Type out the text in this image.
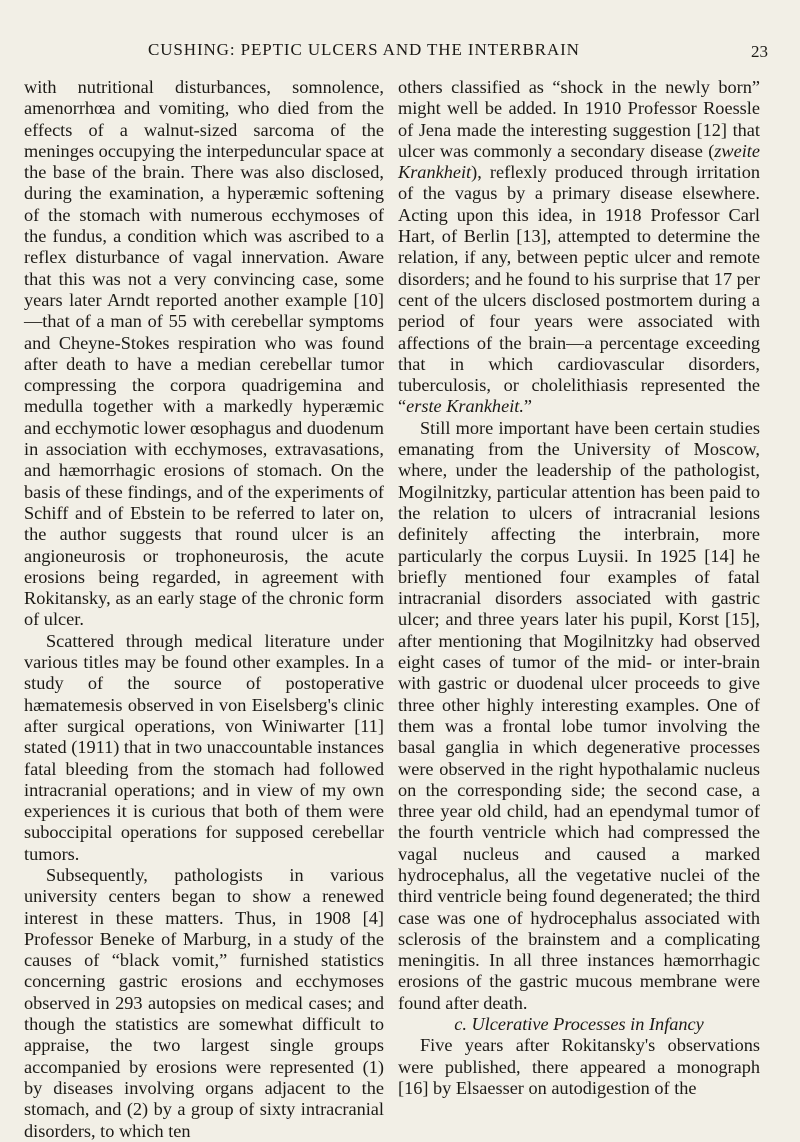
CUSHING: PEPTIC ULCERS AND THE INTERBRAIN	23

with nutritional disturbances, somnolence, amenorrhœa and vomiting, who died from the effects of a walnut-sized sarcoma of the meninges occupying the interpeduncular space at the base of the brain. There was also disclosed, during the examination, a hyperæmic softening of the stomach with numerous ecchymoses of the fundus, a condition which was ascribed to a reflex disturbance of vagal innervation. Aware that this was not a very convincing case, some years later Arndt reported another example [10]—that of a man of 55 with cerebellar symptoms and Cheyne-Stokes respiration who was found after death to have a median cerebellar tumor compressing the corpora quadrigemina and medulla together with a markedly hyperæmic and ecchymotic lower œsophagus and duodenum in association with ecchymoses, extravasations, and hæmorrhagic erosions of stomach. On the basis of these findings, and of the experiments of Schiff and of Ebstein to be referred to later on, the author suggests that round ulcer is an angioneurosis or trophoneurosis, the acute erosions being regarded, in agreement with Rokitansky, as an early stage of the chronic form of ulcer.

Scattered through medical literature under various titles may be found other examples. In a study of the source of postoperative hæmatemesis observed in von Eiselsberg's clinic after surgical operations, von Winiwarter [11] stated (1911) that in two unaccountable instances fatal bleeding from the stomach had followed intracranial operations; and in view of my own experiences it is curious that both of them were suboccipital operations for supposed cerebellar tumors.

Subsequently, pathologists in various university centers began to show a renewed interest in these matters. Thus, in 1908 [4] Professor Beneke of Marburg, in a study of the causes of “black vomit,” furnished statistics concerning gastric erosions and ecchymoses observed in 293 autopsies on medical cases; and though the statistics are somewhat difficult to appraise, the two largest single groups accompanied by erosions were represented (1) by diseases involving organs adjacent to the stomach, and (2) by a group of sixty intracranial disorders, to which ten

others classified as “shock in the newly born” might well be added. In 1910 Professor Roessle of Jena made the interesting suggestion [12] that ulcer was commonly a secondary disease (zweite Krankheit), reflexly produced through irritation of the vagus by a primary disease elsewhere. Acting upon this idea, in 1918 Professor Carl Hart, of Berlin [13], attempted to determine the relation, if any, between peptic ulcer and remote disorders; and he found to his surprise that 17 per cent of the ulcers disclosed postmortem during a period of four years were associated with affections of the brain—a percentage exceeding that in which cardiovascular disorders, tuberculosis, or cholelithiasis represented the “erste Krankheit.”

Still more important have been certain studies emanating from the University of Moscow, where, under the leadership of the pathologist, Mogilnitzky, particular attention has been paid to the relation to ulcers of intracranial lesions definitely affecting the interbrain, more particularly the corpus Luysii. In 1925 [14] he briefly mentioned four examples of fatal intracranial disorders associated with gastric ulcer; and three years later his pupil, Korst [15], after mentioning that Mogilnitzky had observed eight cases of tumor of the mid- or inter-brain with gastric or duodenal ulcer proceeds to give three other highly interesting examples. One of them was a frontal lobe tumor involving the basal ganglia in which degenerative processes were observed in the right hypothalamic nucleus on the corresponding side; the second case, a three year old child, had an ependymal tumor of the fourth ventricle which had compressed the vagal nucleus and caused a marked hydrocephalus, all the vegetative nuclei of the third ventricle being found degenerated; the third case was one of hydrocephalus associated with sclerosis of the brainstem and a complicating meningitis. In all three instances hæmorrhagic erosions of the gastric mucous membrane were found after death.

c. Ulcerative Processes in Infancy

Five years after Rokitansky's observations were published, there appeared a monograph [16] by Elsaesser on autodigestion of the
